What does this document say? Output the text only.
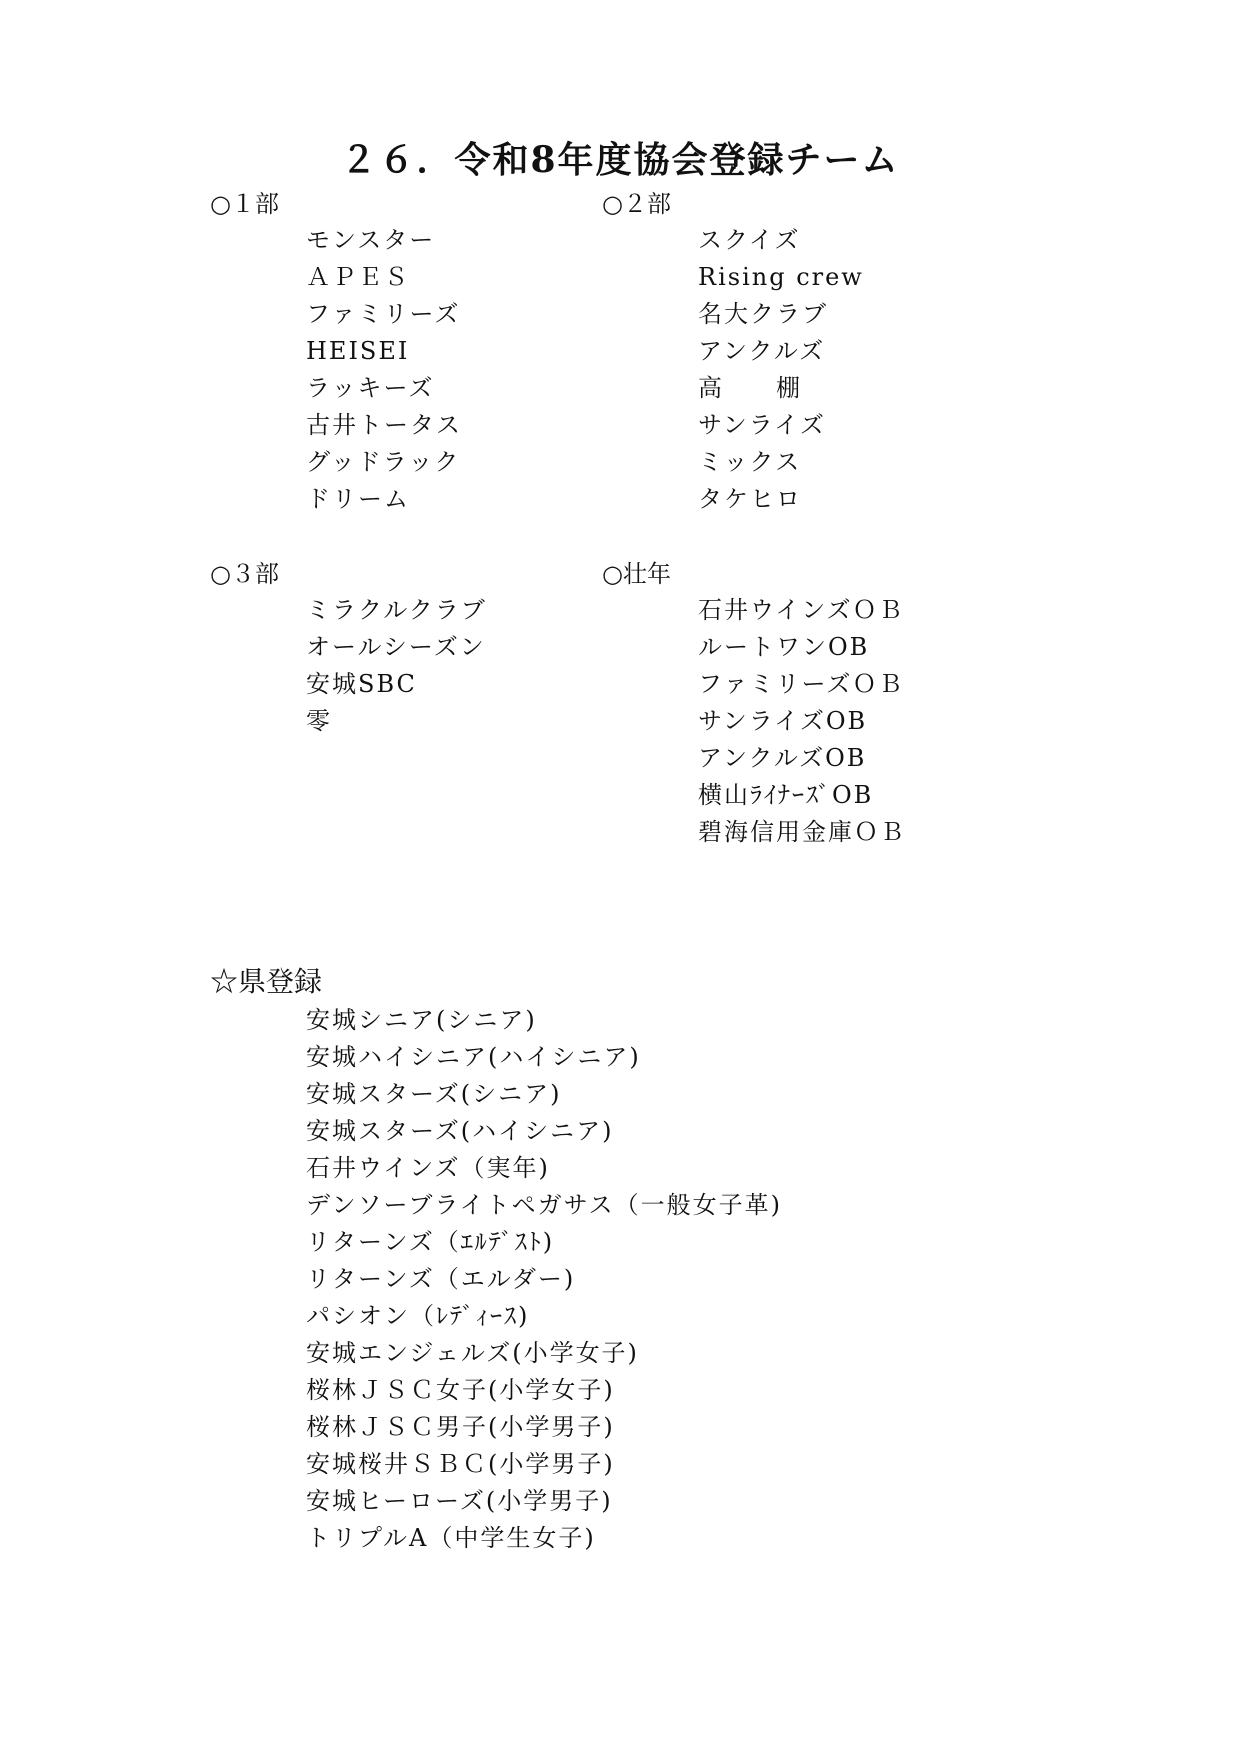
２６．令和8年度協会登録チーム
○１部
モンスター
ＡＰＥＳ
ファミリーズ
HEISEI
ラッキーズ
古井トータス
グッドラック
ドリーム
○２部
スクイズ
Rising crew
名大クラブ
アンクルズ
高　　棚
サンライズ
ミックス
タケヒロ
○３部
ミラクルクラブ
オールシーズン
安城SBC
零
○壮年
石井ウインズＯＢ
ルートワンOB
ファミリーズＯＢ
サンライズOB
アンクルズOB
横山ﾗｲﾅｰｽﾞOB
碧海信用金庫ＯＢ
☆県登録
安城シニア(シニア)
安城ハイシニア(ハイシニア)
安城スターズ(シニア)
安城スターズ(ハイシニア)
石井ウインズ（実年)
デンソーブライトペガサス（一般女子革)
リターンズ（ｴﾙﾃﾞｽﾄ)
リターンズ（エルダー)
パシオン（ﾚﾃﾞｨｰｽ)
安城エンジェルズ(小学女子)
桜林ＪＳＣ女子(小学女子)
桜林ＪＳＣ男子(小学男子)
安城桜井ＳＢＣ(小学男子)
安城ヒーローズ(小学男子)
トリプルA（中学生女子)
